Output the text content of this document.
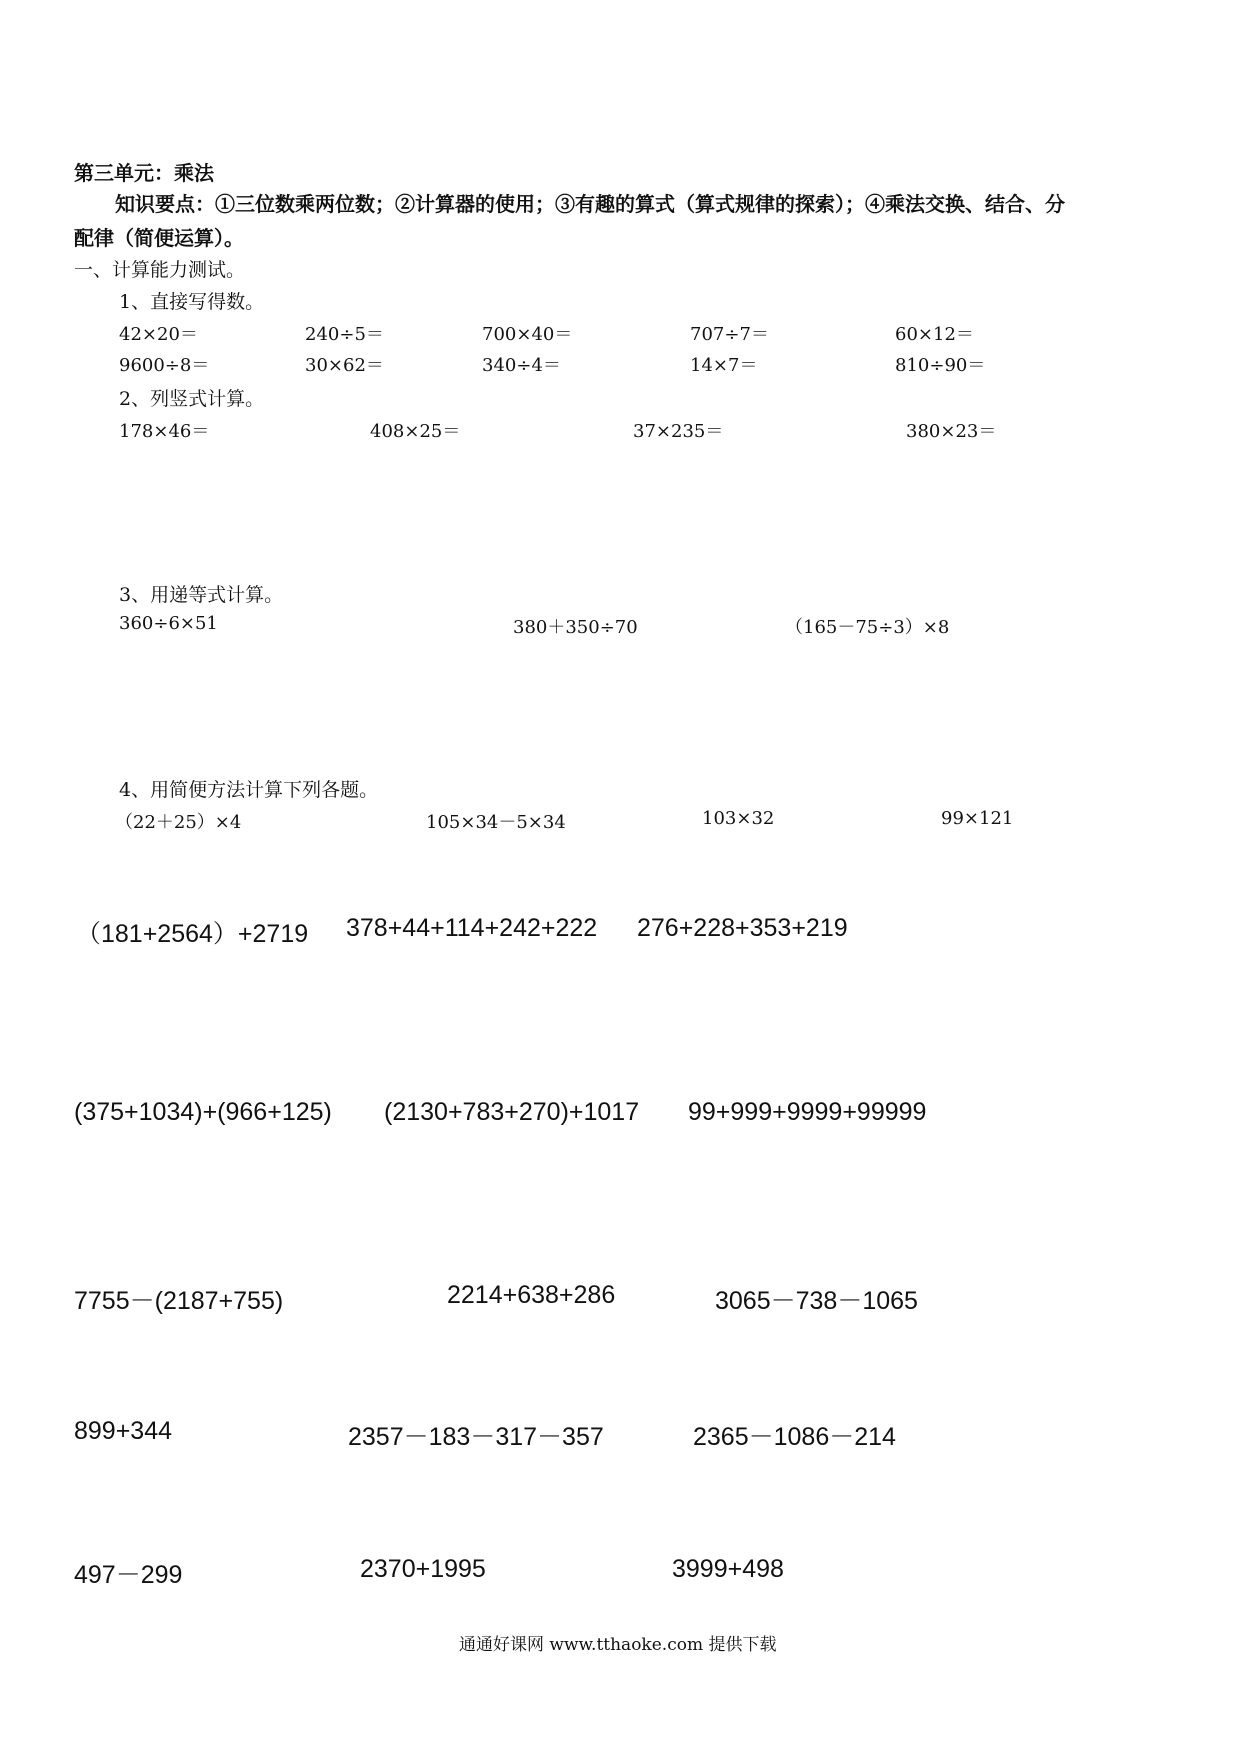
第三单元：乘法
知识要点：①三位数乘两位数；②计算器的使用；③有趣的算式（算式规律的探索）；④乘法交换、结合、分
配律（简便运算）。
一、计算能力测试。
1、直接写得数。
42×20＝	240÷5＝	700×40＝	707÷7＝	60×12＝
9600÷8＝	30×62＝	340÷4＝	14×7＝	810÷90＝
2、列竖式计算。
178×46＝	408×25＝	37×235＝	380×23＝
3、用递等式计算。
360÷6×51	380＋350÷70	（165－75÷3）×8
4、用简便方法计算下列各题。
（22＋25）×4	105×34－5×34	103×32	99×121
（181+2564）+2719 378+44+114+242+222 276+228+353+219
(375+1034)+(966+125) (2130+783+270)+1017 99+999+9999+99999
7755－(2187+755)	2214+638+286	3065－738－1065
899+344	2357－183－317－357	2365－1086－214
497－299	2370+1995	3999+498
通通好课网 www.tthaoke.com 提供下载
